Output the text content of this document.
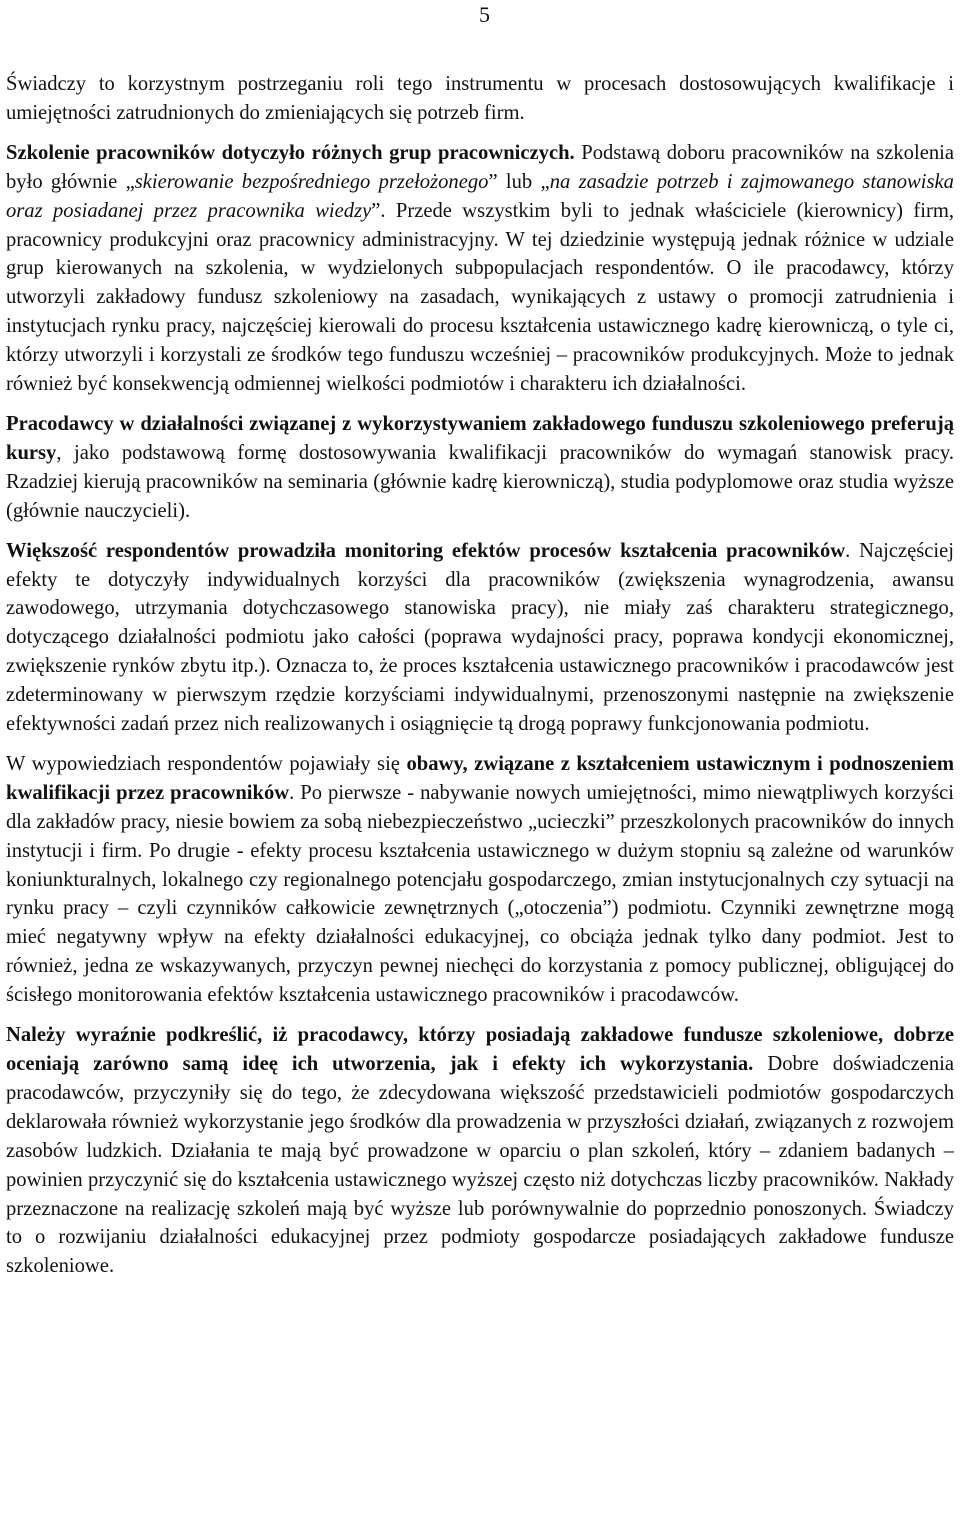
5

Świadczy to korzystnym postrzeganiu roli tego instrumentu w procesach dostosowujących kwalifikacje i umiejętności zatrudnionych do zmieniających się potrzeb firm.

Szkolenie pracowników dotyczyło różnych grup pracowniczych. Podstawą doboru pracowników na szkolenia było głównie „skierowanie bezpośredniego przełożonego” lub „na zasadzie potrzeb i zajmowanego stanowiska oraz posiadanej przez pracownika wiedzy”. Przede wszystkim byli to jednak właściciele (kierownicy) firm, pracownicy produkcyjni oraz pracownicy administracyjny. W tej dziedzinie występują jednak różnice w udziale grup kierowanych na szkolenia, w wydzielonych subpopulacjach respondentów. O ile pracodawcy, którzy utworzyli zakładowy fundusz szkoleniowy na zasadach, wynikających z ustawy o promocji zatrudnienia i instytucjach rynku pracy, najczęściej kierowali do procesu kształcenia ustawicznego kadrę kierowniczą, o tyle ci, którzy utworzyli i korzystali ze środków tego funduszu wcześniej – pracowników produkcyjnych. Może to jednak również być konsekwencją odmiennej wielkości podmiotów i charakteru ich działalności.

Pracodawcy w działalności związanej z wykorzystywaniem zakładowego funduszu szkoleniowego preferują kursy, jako podstawową formę dostosowywania kwalifikacji pracowników do wymagań stanowisk pracy. Rzadziej kierują pracowników na seminaria (głównie kadrę kierowniczą), studia podyplomowe oraz studia wyższe (głównie nauczycieli).

Większość respondentów prowadziła monitoring efektów procesów kształcenia pracowników. Najczęściej efekty te dotyczyły indywidualnych korzyści dla pracowników (zwiększenia wynagrodzenia, awansu zawodowego, utrzymania dotychczasowego stanowiska pracy), nie miały zaś charakteru strategicznego, dotyczącego działalności podmiotu jako całości (poprawa wydajności pracy, poprawa kondycji ekonomicznej, zwiększenie rynków zbytu itp.). Oznacza to, że proces kształcenia ustawicznego pracowników i pracodawców jest zdeterminowany w pierwszym rzędzie korzyściami indywidualnymi, przenoszonymi następnie na zwiększenie efektywności zadań przez nich realizowanych i osiągnięcie tą drogą poprawy funkcjonowania podmiotu.

W wypowiedziach respondentów pojawiały się obawy, związane z kształceniem ustawicznym i podnoszeniem kwalifikacji przez pracowników. Po pierwsze - nabywanie nowych umiejętności, mimo niewątpliwych korzyści dla zakładów pracy, niesie bowiem za sobą niebezpieczeństwo „ucieczki” przeszkolonych pracowników do innych instytucji i firm. Po drugie - efekty procesu kształcenia ustawicznego w dużym stopniu są zależne od warunków koniunkturalnych, lokalnego czy regionalnego potencjału gospodarczego, zmian instytucjonalnych czy sytuacji na rynku pracy – czyli czynników całkowicie zewnętrznych („otoczenia”) podmiotu. Czynniki zewnętrzne mogą mieć negatywny wpływ na efekty działalności edukacyjnej, co obciąża jednak tylko dany podmiot. Jest to również, jedna ze wskazywanych, przyczyn pewnej niechęci do korzystania z pomocy publicznej, obligującej do ścisłego monitorowania efektów kształcenia ustawicznego pracowników i pracodawców.

Należy wyraźnie podkreślić, iż pracodawcy, którzy posiadają zakładowe fundusze szkoleniowe, dobrze oceniają zarówno samą ideę ich utworzenia, jak i efekty ich wykorzystania. Dobre doświadczenia pracodawców, przyczyniły się do tego, że zdecydowana większość przedstawicieli podmiotów gospodarczych deklarowała również wykorzystanie jego środków dla prowadzenia w przyszłości działań, związanych z rozwojem zasobów ludzkich. Działania te mają być prowadzone w oparciu o plan szkoleń, który – zdaniem badanych – powinien przyczynić się do kształcenia ustawicznego wyższej często niż dotychczas liczby pracowników. Nakłady przeznaczone na realizację szkoleń mają być wyższe lub porównywalnie do poprzednio ponoszonych. Świadczy to o rozwijaniu działalności edukacyjnej przez podmioty gospodarcze posiadających zakładowe fundusze szkoleniowe.
